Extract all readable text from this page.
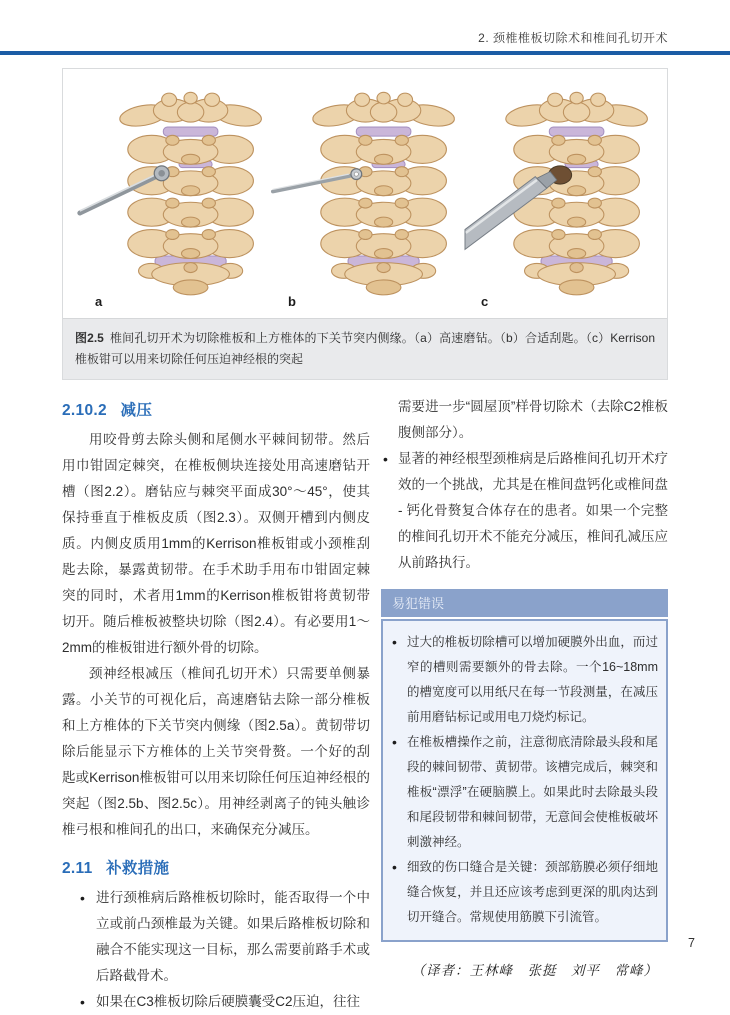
2. 颈椎椎板切除术和椎间孔切开术
a	b	c
图2.5 椎间孔切开术为切除椎板和上方椎体的下关节突内侧缘。（a）高速磨钻。（b）合适刮匙。（c）Kerrison椎板钳可以用来切除任何压迫神经根的突起
2.10.2 减压

用咬骨剪去除头侧和尾侧水平棘间韧带。然后用巾钳固定棘突，在椎板侧块连接处用高速磨钻开槽（图2.2）。磨钻应与棘突平面成30°～45°，使其保持垂直于椎板皮质（图2.3）。双侧开槽到内侧皮质。内侧皮质用1mm的Kerrison椎板钳或小颈椎刮匙去除，暴露黄韧带。在手术助手用布巾钳固定棘突的同时，术者用1mm的Kerrison椎板钳将黄韧带切开。随后椎板被整块切除（图2.4）。有必要用1～2mm的椎板钳进行额外骨的切除。

颈神经根减压（椎间孔切开术）只需要单侧暴露。小关节的可视化后，高速磨钻去除一部分椎板和上方椎体的下关节突内侧缘（图2.5a）。黄韧带切除后能显示下方椎体的上关节突骨赘。一个好的刮匙或Kerrison椎板钳可以用来切除任何压迫神经根的突起（图2.5b、图2.5c）。用神经剥离子的钝头触诊椎弓根和椎间孔的出口，来确保充分减压。

2.11 补救措施
• 进行颈椎病后路椎板切除时，能否取得一个中立或前凸颈椎最为关键。如果后路椎板切除和融合不能实现这一目标，那么需要前路手术或后路截骨术。
• 如果在C3椎板切除后硬膜囊受C2压迫，往往

需要进一步“圆屋顶”样骨切除术（去除C2椎板腹侧部分）。

• 显著的神经根型颈椎病是后路椎间孔切开术疗效的一个挑战，尤其是在椎间盘钙化或椎间盘 - 钙化骨赘复合体存在的患者。如果一个完整的椎间孔切开术不能充分减压，椎间孔减压应从前路执行。
易犯错误
• 过大的椎板切除槽可以增加硬膜外出血，而过窄的槽则需要额外的骨去除。一个16~18mm的槽宽度可以用纸尺在每一节段测量，在减压前用磨钻标记或用电刀烧灼标记。
• 在椎板槽操作之前，注意彻底清除最头段和尾段的棘间韧带、黄韧带。该槽完成后，棘突和椎板“漂浮”在硬脑膜上。如果此时去除最头段和尾段韧带和棘间韧带，无意间会使椎板破坏刺激神经。
• 细致的伤口缝合是关键：颈部筋膜必须仔细地缝合恢复，并且还应该考虑到更深的肌肉达到切开缝合。常规使用筋膜下引流管。
（译者：王林峰　张挺　刘平　常峰）
7
